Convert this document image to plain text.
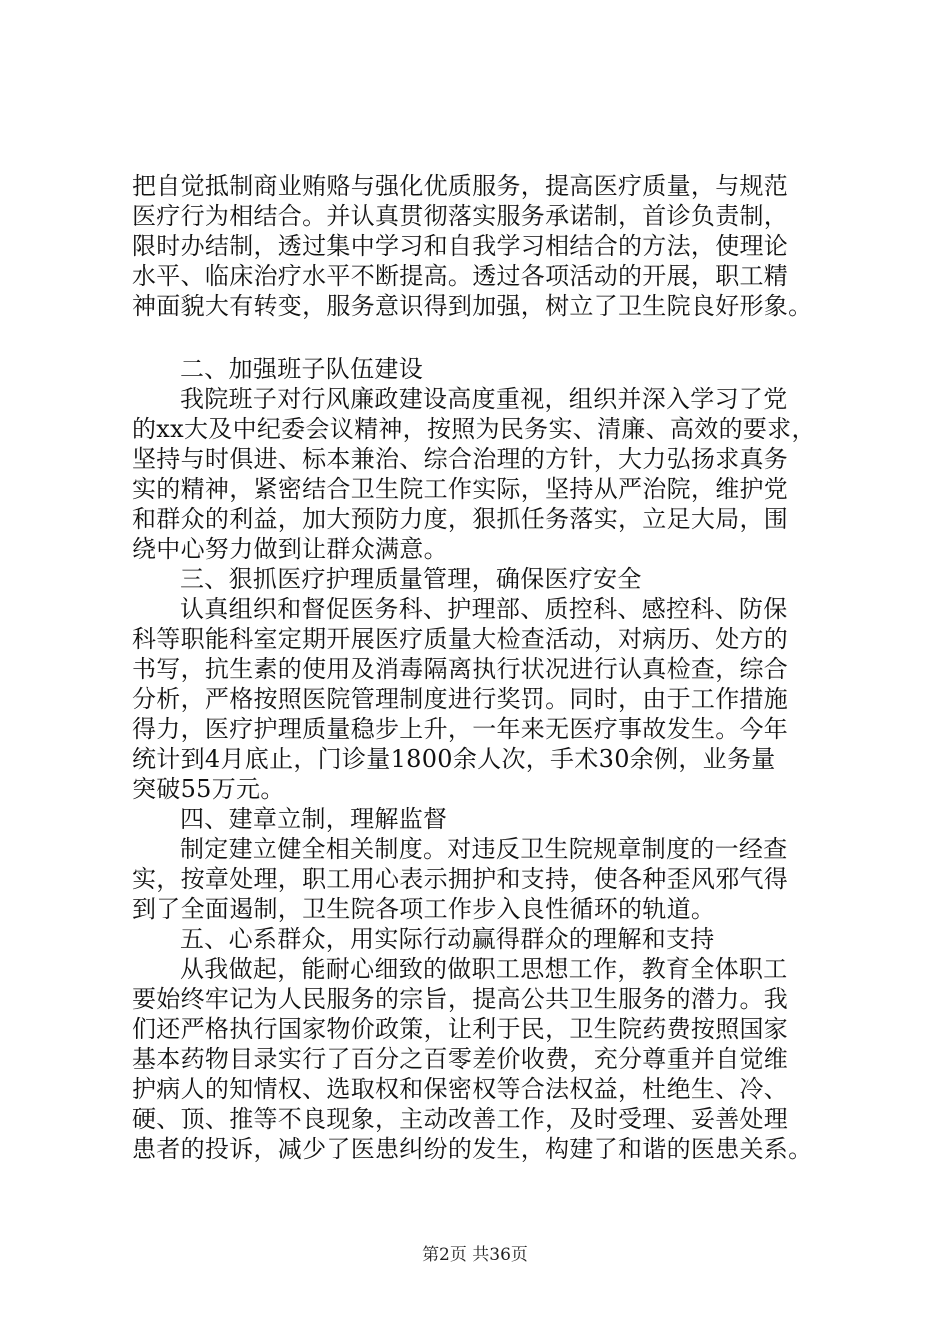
把自觉抵制商业贿赂与强化优质服务，提高医疗质量，与规范
医疗行为相结合。并认真贯彻落实服务承诺制，首诊负责制，
限时办结制，透过集中学习和自我学习相结合的方法，使理论
水平、临床治疗水平不断提高。透过各项活动的开展，职工精
神面貌大有转变，服务意识得到加强，树立了卫生院良好形象。
二、加强班子队伍建设
我院班子对行风廉政建设高度重视，组织并深入学习了党
的xx大及中纪委会议精神，按照为民务实、清廉、高效的要求，
坚持与时俱进、标本兼治、综合治理的方针，大力弘扬求真务
实的精神，紧密结合卫生院工作实际，坚持从严治院，维护党
和群众的利益，加大预防力度，狠抓任务落实，立足大局，围
绕中心努力做到让群众满意。
三、狠抓医疗护理质量管理，确保医疗安全
认真组织和督促医务科、护理部、质控科、感控科、防保
科等职能科室定期开展医疗质量大检查活动，对病历、处方的
书写，抗生素的使用及消毒隔离执行状况进行认真检查，综合
分析，严格按照医院管理制度进行奖罚。同时，由于工作措施
得力，医疗护理质量稳步上升，一年来无医疗事故发生。今年
统计到4月底止，门诊量1800余人次，手术30余例，业务量
突破55万元。
四、建章立制，理解监督
制定建立健全相关制度。对违反卫生院规章制度的一经查
实，按章处理，职工用心表示拥护和支持，使各种歪风邪气得
到了全面遏制，卫生院各项工作步入良性循环的轨道。
五、心系群众，用实际行动赢得群众的理解和支持
从我做起，能耐心细致的做职工思想工作，教育全体职工
要始终牢记为人民服务的宗旨，提高公共卫生服务的潜力。我
们还严格执行国家物价政策，让利于民，卫生院药费按照国家
基本药物目录实行了百分之百零差价收费，充分尊重并自觉维
护病人的知情权、选取权和保密权等合法权益，杜绝生、冷、
硬、顶、推等不良现象，主动改善工作，及时受理、妥善处理
患者的投诉，减少了医患纠纷的发生，构建了和谐的医患关系。
第2页 共36页
